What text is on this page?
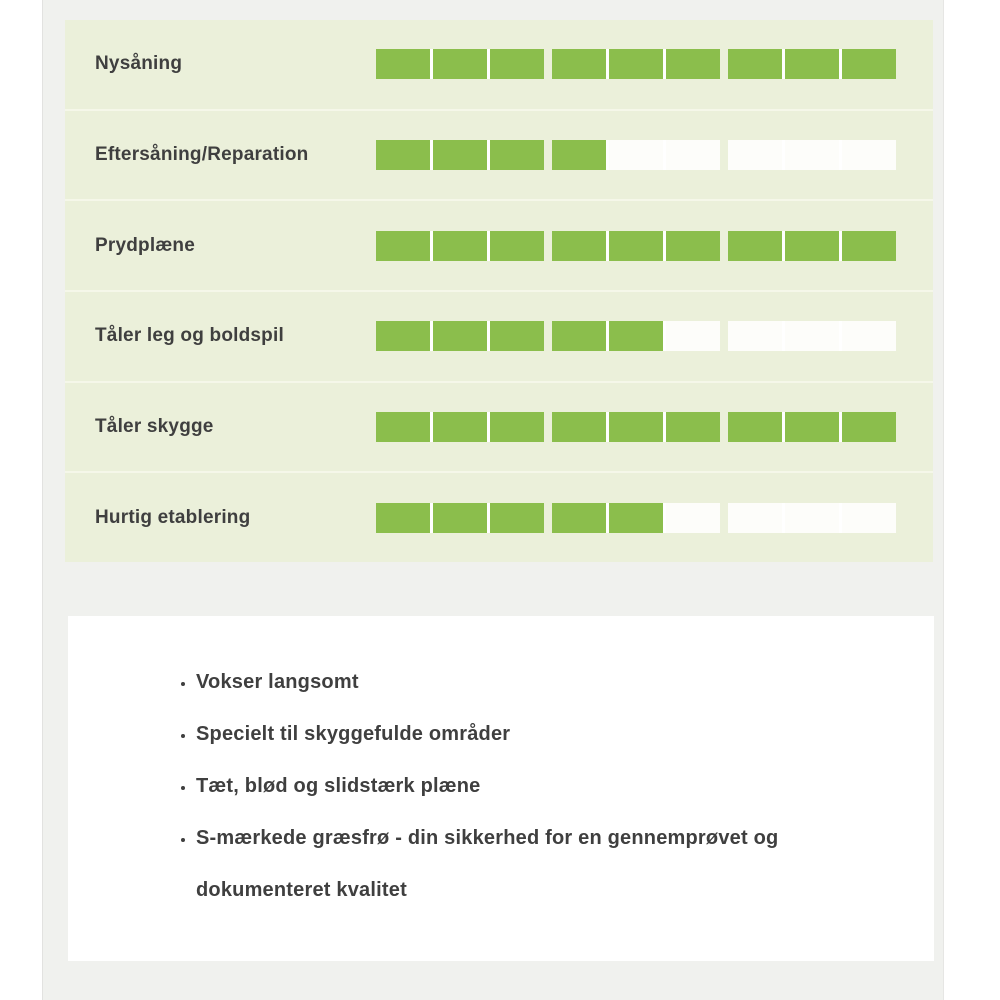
Nysåning
Eftersåning/Reparation
Prydplæne
Tåler leg og boldspil
Tåler skygge
Hurtig etablering
• Vokser langsomt
• Specielt til skyggefulde områder
• Tæt, blød og slidstærk plæne
• S-mærkede græsfrø - din sikkerhed for en gennemprøvet og dokumenteret kvalitet
